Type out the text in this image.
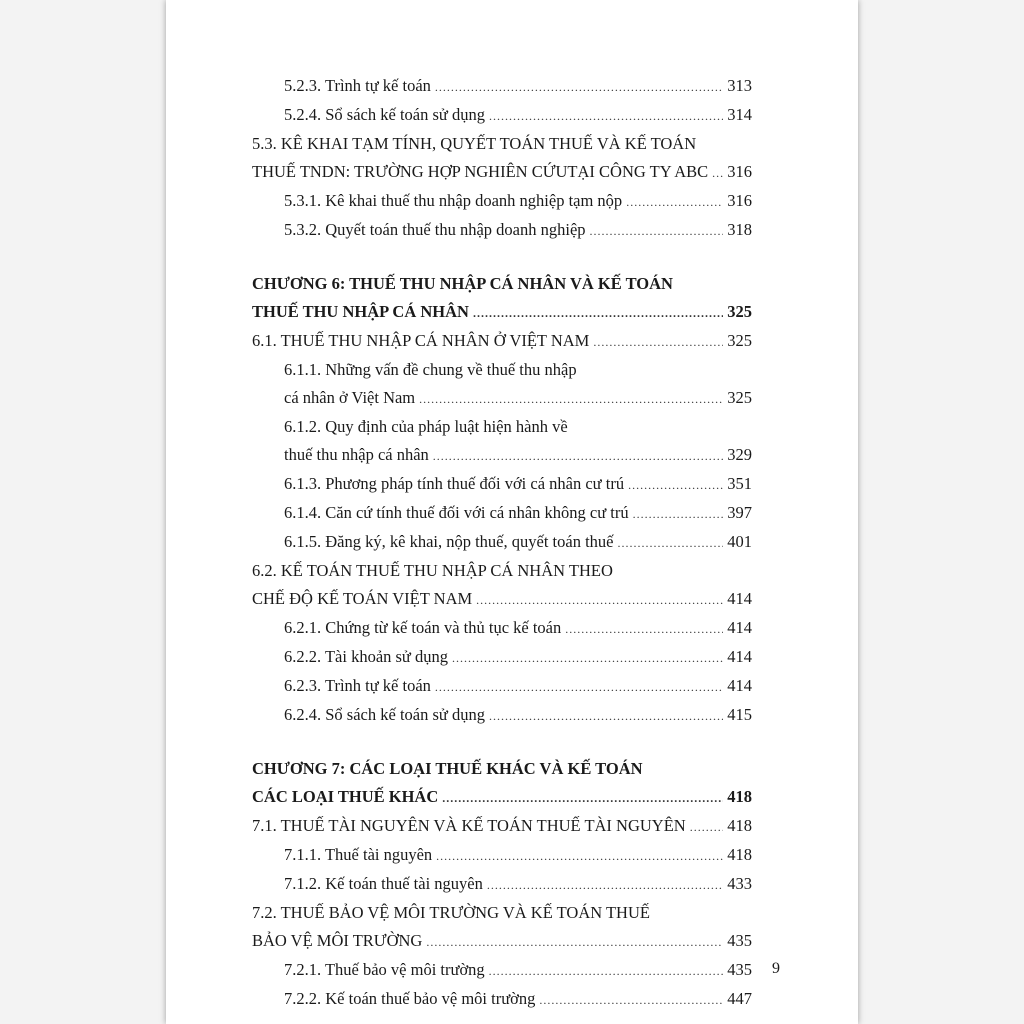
5.2.3. Trình tự kế toán .....	313
5.2.4. Sổ sách kế toán sử dụng .....	314
5.3. KÊ KHAI TẠM TÍNH, QUYẾT TOÁN THUẾ VÀ KẾ TOÁN
THUẾ TNDN: TRƯỜNG HỢP NGHIÊN CỨUTẠI CÔNG TY ABC ..... 316
5.3.1. Kê khai thuế thu nhập doanh nghiệp tạm nộp .....	316
5.3.2. Quyết toán thuế thu nhập doanh nghiệp .....	318
CHƯƠNG 6: THUẾ THU NHẬP CÁ NHÂN VÀ KẾ TOÁN
THUẾ THU NHẬP CÁ NHÂN .....	325
6.1. THUẾ THU NHẬP CÁ NHÂN Ở VIỆT NAM .....	325
6.1.1. Những vấn đề chung về thuế thu nhập
cá nhân ở Việt Nam .....	325
6.1.2. Quy định của pháp luật hiện hành về
thuế thu nhập cá nhân .....	329
6.1.3. Phương pháp tính thuế đối với cá nhân cư trú .....	351
6.1.4. Căn cứ tính thuế đối với cá nhân không cư trú .....	397
6.1.5. Đăng ký, kê khai, nộp thuế, quyết toán thuế .....	401
6.2. KẾ TOÁN THUẾ THU NHẬP CÁ NHÂN THEO
CHẾ ĐỘ KẾ TOÁN VIỆT NAM .....	414
6.2.1. Chứng từ kế toán và thủ tục kế toán .....	414
6.2.2. Tài khoản sử dụng .....	414
6.2.3. Trình tự kế toán .....	414
6.2.4. Sổ sách kế toán sử dụng .....	415
CHƯƠNG 7: CÁC LOẠI THUẾ KHÁC VÀ KẾ TOÁN
CÁC LOẠI THUẾ KHÁC .....	418
7.1. THUẾ TÀI NGUYÊN VÀ KẾ TOÁN THUẾ TÀI NGUYÊN .....	418
7.1.1. Thuế tài nguyên .....	418
7.1.2. Kế toán thuế tài nguyên .....	433
7.2. THUẾ BẢO VỆ MÔI TRƯỜNG VÀ KẾ TOÁN THUẾ
BẢO VỆ MÔI TRƯỜNG .....	435
7.2.1. Thuế bảo vệ môi trường .....	435
7.2.2. Kế toán thuế bảo vệ môi trường .....	447
9
